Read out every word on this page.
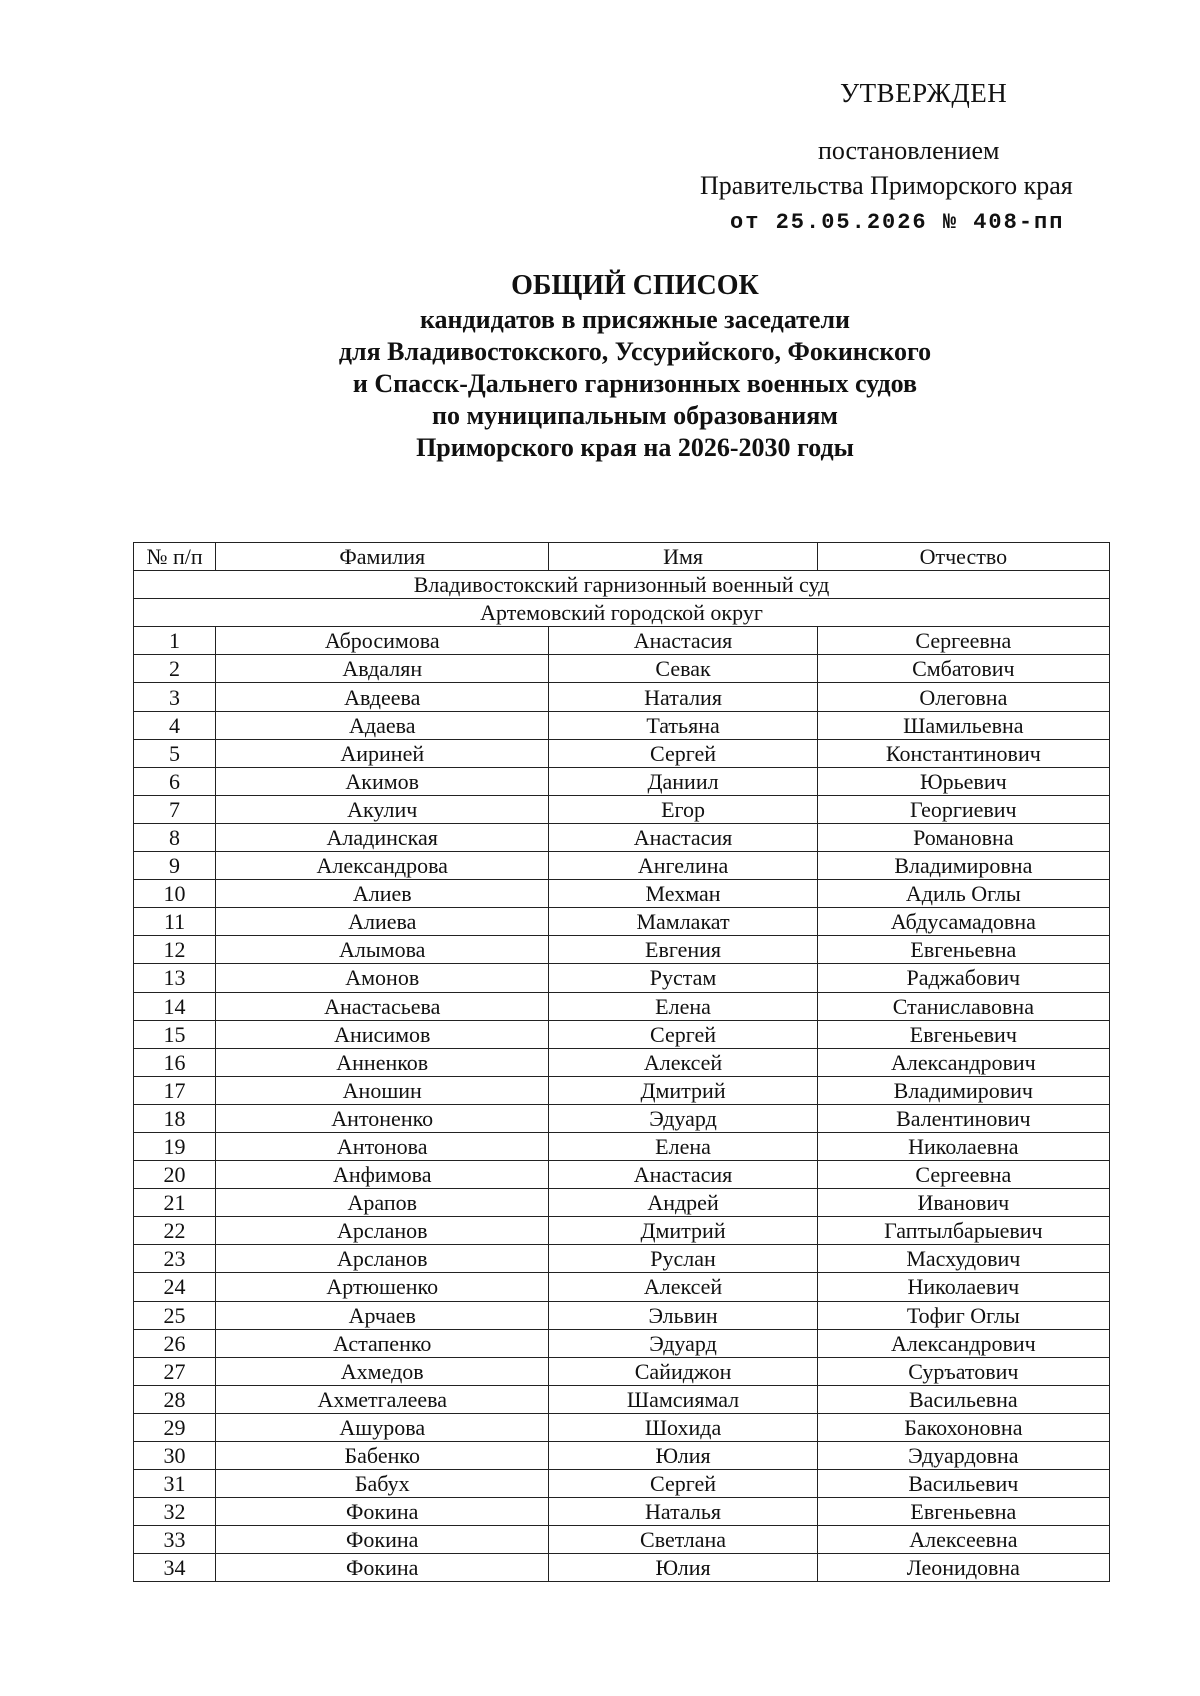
УТВЕРЖДЕН
постановлением
Правительства Приморского края
от 25.05.2026 № 408-пп
ОБЩИЙ СПИСОК
кандидатов в присяжные заседатели
для Владивостокского, Уссурийского, Фокинского
и Спасск-Дальнего гарнизонных военных судов
по муниципальным образованиям
Приморского края на 2026-2030 годы
№ п/п	Фамилия	Имя	Отчество
Владивостокский гарнизонный военный суд			
Артемовский городской округ			
1	Абросимова	Анастасия	Сергеевна
2	Авдалян	Севак	Смбатович
3	Авдеева	Наталия	Олеговна
4	Адаева	Татьяна	Шамильевна
5	Аириней	Сергей	Константинович
6	Акимов	Даниил	Юрьевич
7	Акулич	Егор	Георгиевич
8	Аладинская	Анастасия	Романовна
9	Александрова	Ангелина	Владимировна
10	Алиев	Мехман	Адиль Оглы
11	Алиева	Мамлакат	Абдусамадовна
12	Алымова	Евгения	Евгеньевна
13	Амонов	Рустам	Раджабович
14	Анастасьева	Елена	Станиславовна
15	Анисимов	Сергей	Евгеньевич
16	Анненков	Алексей	Александрович
17	Аношин	Дмитрий	Владимирович
18	Антоненко	Эдуард	Валентинович
19	Антонова	Елена	Николаевна
20	Анфимова	Анастасия	Сергеевна
21	Арапов	Андрей	Иванович
22	Арсланов	Дмитрий	Гаптылбарыевич
23	Арсланов	Руслан	Масхудович
24	Артюшенко	Алексей	Николаевич
25	Арчаев	Эльвин	Тофиг Оглы
26	Астапенко	Эдуард	Александрович
27	Ахмедов	Сайиджон	Суръатович
28	Ахметгалеева	Шамсиямал	Васильевна
29	Ашурова	Шохида	Бакохоновна
30	Бабенко	Юлия	Эдуардовна
31	Бабух	Сергей	Васильевич
32	Фокина	Наталья	Евгеньевна
33	Фокина	Светлана	Алексеевна
34	Фокина	Юлия	Леонидовна
